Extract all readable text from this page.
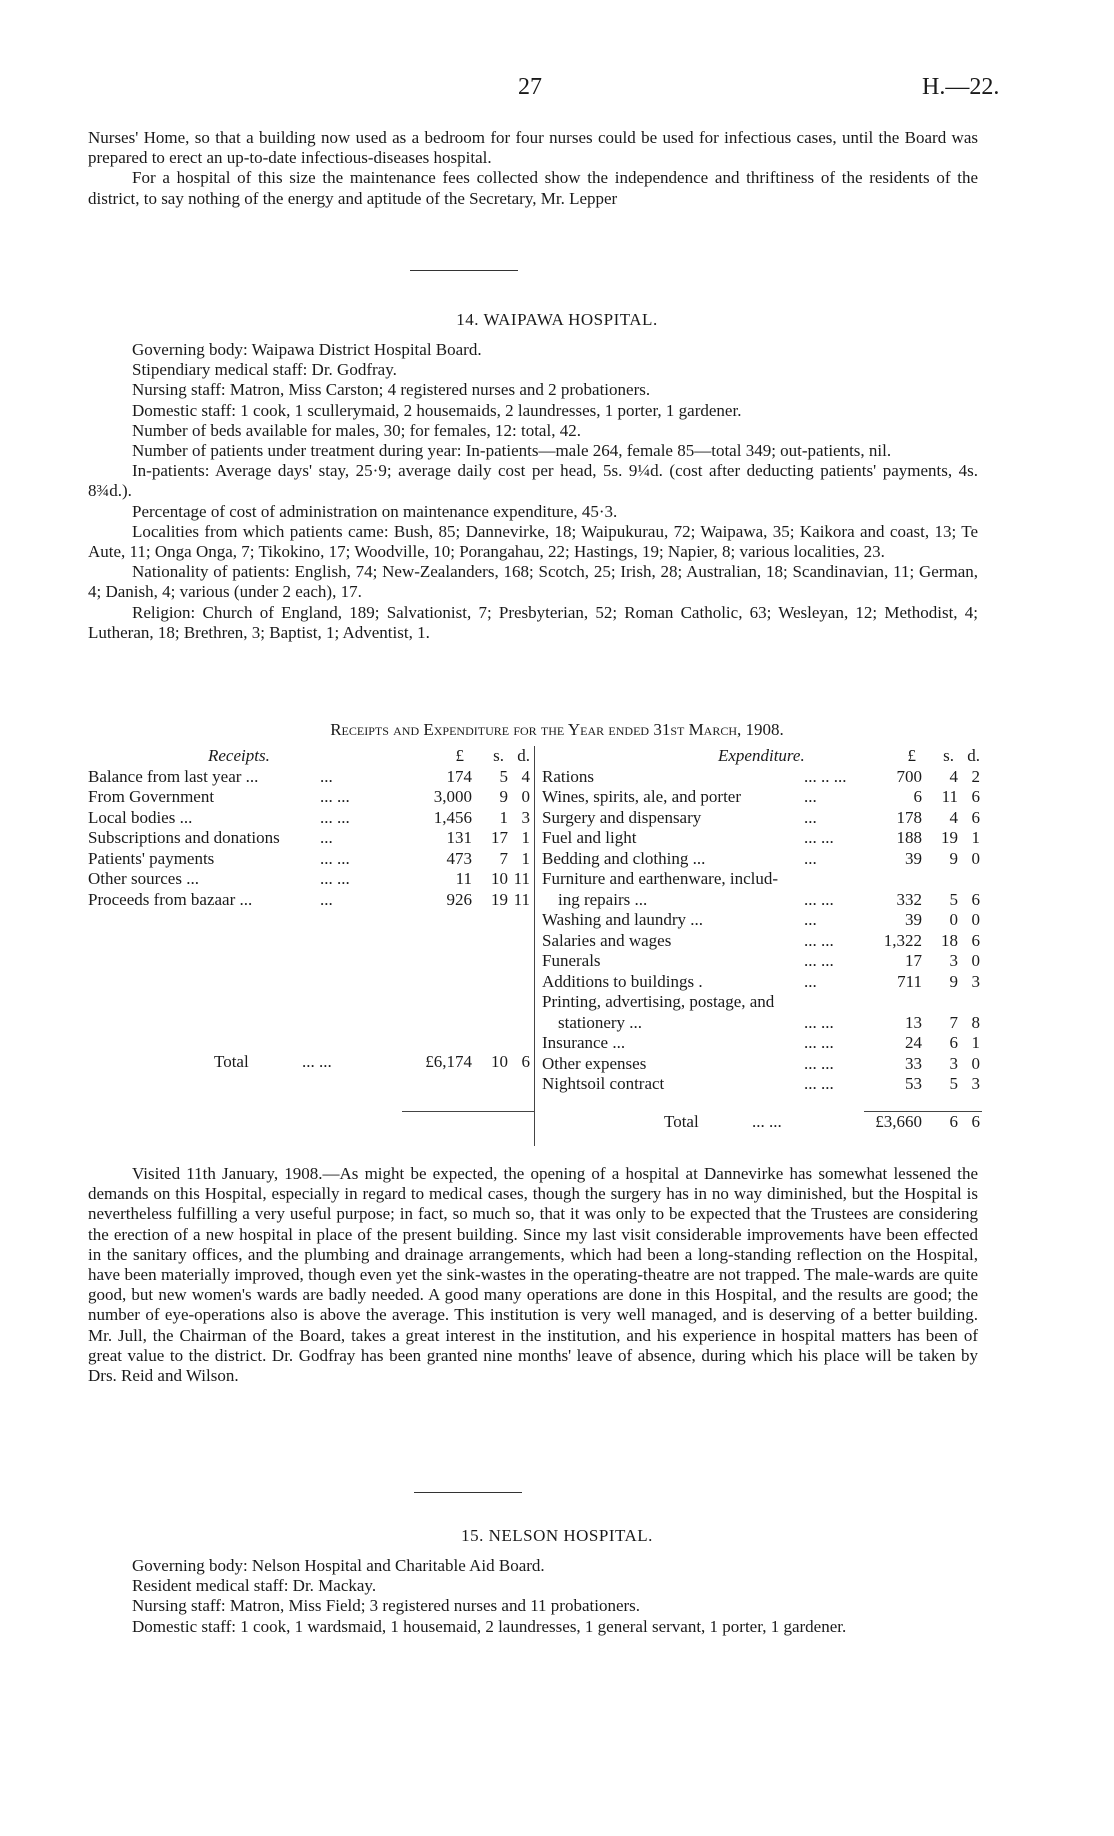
27	H.—22.

Nurses' Home, so that a building now used as a bedroom for four nurses could be used for infectious cases, until the Board was prepared to erect an up-to-date infectious-diseases hospital.

For a hospital of this size the maintenance fees collected show the independence and thriftiness of the residents of the district, to say nothing of the energy and aptitude of the Secretary, Mr. Lepper

14. WAIPAWA HOSPITAL.

Governing body: Waipawa District Hospital Board.

Stipendiary medical staff: Dr. Godfray.

Nursing staff: Matron, Miss Carston; 4 registered nurses and 2 probationers.

Domestic staff: 1 cook, 1 scullerymaid, 2 housemaids, 2 laundresses, 1 porter, 1 gardener.

Number of beds available for males, 30; for females, 12: total, 42.

Number of patients under treatment during year: In-patients—male 264, female 85—total 349; out-patients, nil.

In-patients: Average days' stay, 25·9; average daily cost per head, 5s. 9¼d. (cost after deducting patients' payments, 4s. 8¾d.).

Percentage of cost of administration on maintenance expenditure, 45·3.

Localities from which patients came: Bush, 85; Dannevirke, 18; Waipukurau, 72; Waipawa, 35; Kaikora and coast, 13; Te Aute, 11; Onga Onga, 7; Tikokino, 17; Woodville, 10; Porangahau, 22; Hastings, 19; Napier, 8; various localities, 23.

Nationality of patients: English, 74; New-Zealanders, 168; Scotch, 25; Irish, 28; Australian, 18; Scandinavian, 11; German, 4; Danish, 4; various (under 2 each), 17.

Religion: Church of England, 189; Salvationist, 7; Presbyterian, 52; Roman Catholic, 63; Wesleyan, 12; Methodist, 4; Lutheran, 18; Brethren, 3; Baptist, 1; Adventist, 1.

Receipts and Expenditure for the Year ended 31st March, 1908.
Receipts.	£ s. d.
Balance from last year ...	...	174 5 4
From Government	... ...	3,000 9 0
Local bodies ...	... ...	1,456 1 3
Subscriptions and donations ...	131 17 1
Patients' payments	... ...	473 7 1
Other sources ...	... ...	11 10 11
Proceeds from bazaar ...	...	926 19 11
Total	... ...	£6,174 10 6
Expenditure.	£ s. d.
Rations	... .. ...	700 4 2
Wines, spirits, ale, and porter	...	6 11 6
Surgery and dispensary	...	178 4 6
Fuel and light	... ...	188 19 1
Bedding and clothing ...	...	39 9 0
Furniture and earthenware, includ-
ing repairs ...	... ...	332 5 6
Washing and laundry ...	...	39 0 0
Salaries and wages	... ...	1,322 18 6
Funerals	... ...	17 3 0
Additions to buildings .	...	711 9 3
Printing, advertising, postage, and
stationery ...	... ...	13 7 8
Insurance ...	... ...	24 6 1
Other expenses	... ...	33 3 0
Nightsoil contract	... ...	53 5 3
Total	... ...	£3,660 6 6

Visited 11th January, 1908.—As might be expected, the opening of a hospital at Dannevirke has somewhat lessened the demands on this Hospital, especially in regard to medical cases, though the surgery has in no way diminished, but the Hospital is nevertheless fulfilling a very useful purpose; in fact, so much so, that it was only to be expected that the Trustees are considering the erection of a new hospital in place of the present building. Since my last visit considerable improvements have been effected in the sanitary offices, and the plumbing and drainage arrangements, which had been a long-standing reflection on the Hospital, have been materially improved, though even yet the sink-wastes in the operating-theatre are not trapped. The male-wards are quite good, but new women's wards are badly needed. A good many operations are done in this Hospital, and the results are good; the number of eye-operations also is above the average. This institution is very well managed, and is deserving of a better building. Mr. Jull, the Chairman of the Board, takes a great interest in the institution, and his experience in hospital matters has been of great value to the district. Dr. Godfray has been granted nine months' leave of absence, during which his place will be taken by Drs. Reid and Wilson.

15. NELSON HOSPITAL.

Governing body: Nelson Hospital and Charitable Aid Board.

Resident medical staff: Dr. Mackay.

Nursing staff: Matron, Miss Field; 3 registered nurses and 11 probationers.

Domestic staff: 1 cook, 1 wardsmaid, 1 housemaid, 2 laundresses, 1 general servant, 1 porter, 1 gardener.
